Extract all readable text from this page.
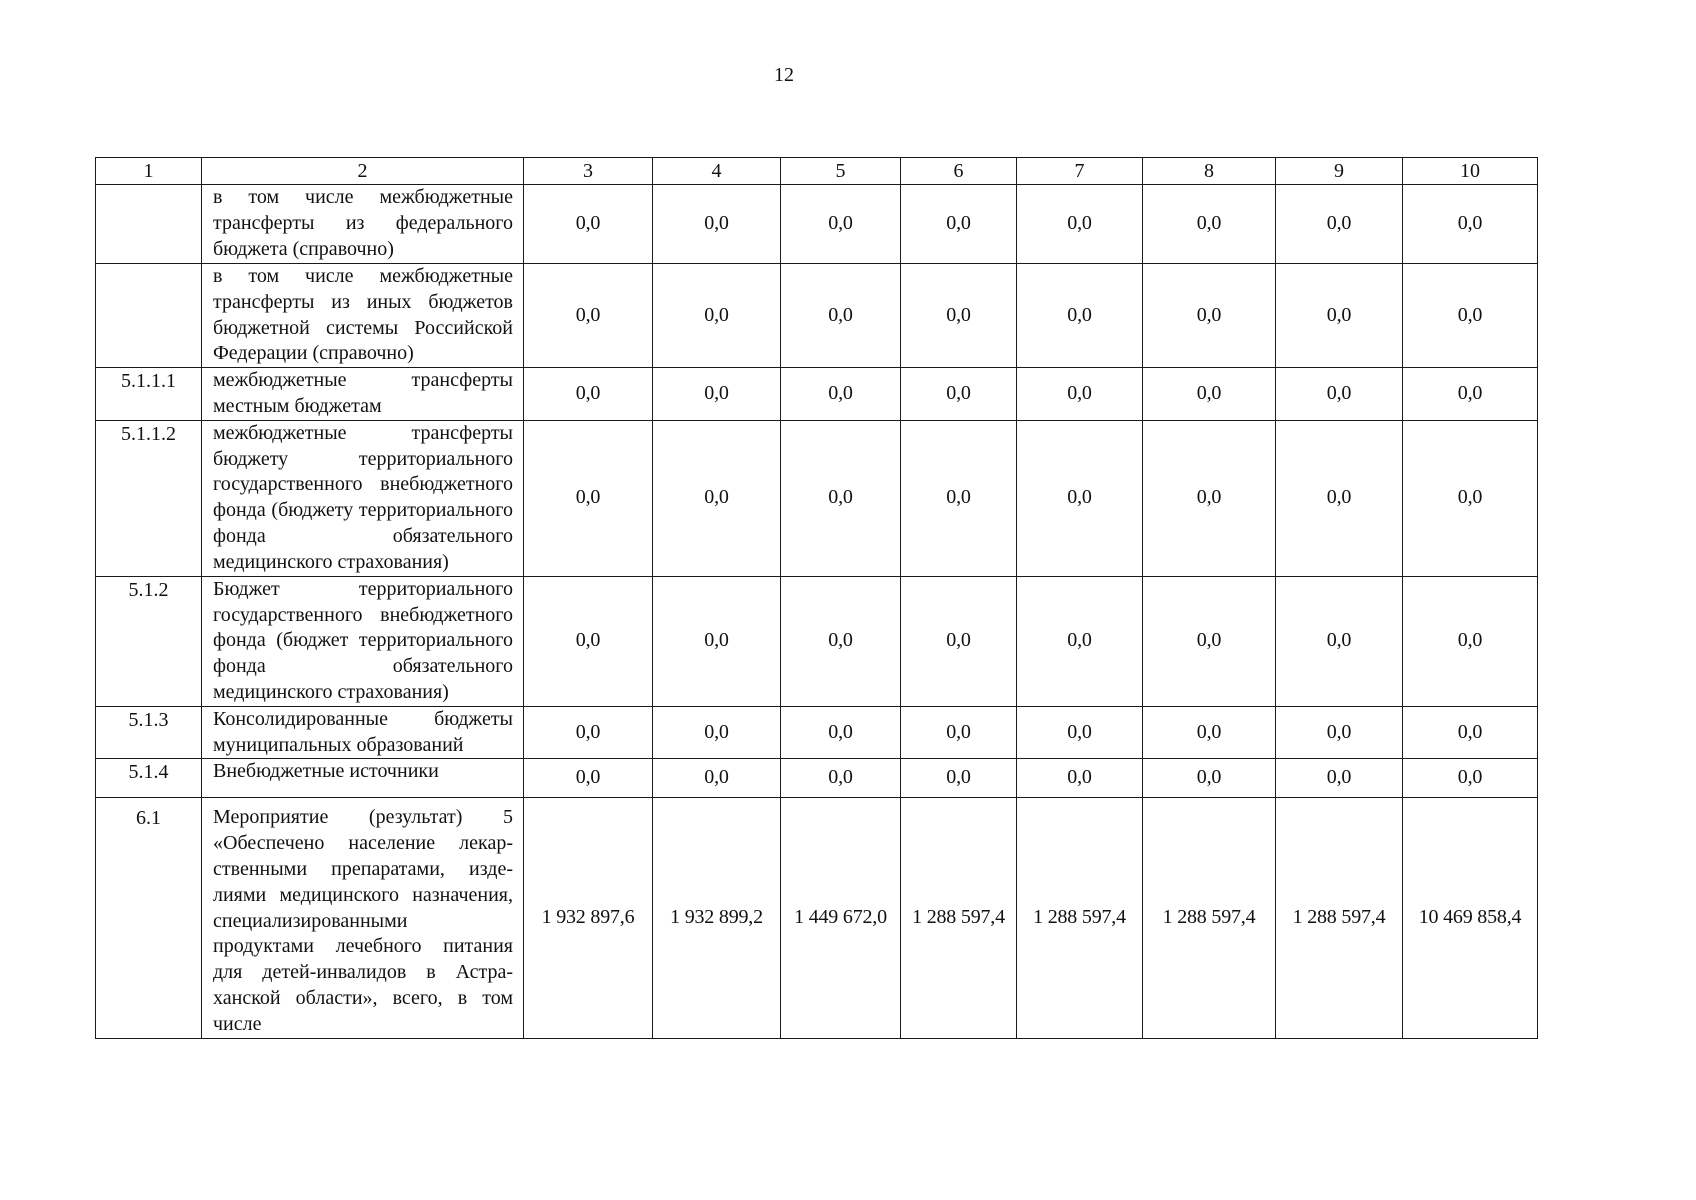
12
1	2	3	4	5	6	7	8	9	10
	в том числе межбюджетные трансферты из федерального бюджета (справочно)	0,0	0,0	0,0	0,0	0,0	0,0	0,0	0,0
	в том числе межбюджетные трансферты из иных бюджетов бюджетной системы Российской Федерации (справочно)	0,0	0,0	0,0	0,0	0,0	0,0	0,0	0,0
5.1.1.1	межбюджетные трансферты местным бюджетам	0,0	0,0	0,0	0,0	0,0	0,0	0,0	0,0
5.1.1.2	межбюджетные трансферты бюджету территориального государственного внебюджетного фонда (бюджету территориального фонда обязательного медицинского страхования)	0,0	0,0	0,0	0,0	0,0	0,0	0,0	0,0
5.1.2	Бюджет территориального государственного внебюджетного фонда (бюджет территориального фонда обязательного медицинского страхования)	0,0	0,0	0,0	0,0	0,0	0,0	0,0	0,0
5.1.3	Консолидированные бюджеты муниципальных образований	0,0	0,0	0,0	0,0	0,0	0,0	0,0	0,0
5.1.4	Внебюджетные источники	0,0	0,0	0,0	0,0	0,0	0,0	0,0	0,0
6.1	Мероприятие (результат) 5 «Обеспечено население лекарственными препаратами, изделиями медицинского назначения, специализированными продуктами лечебного питания для детей-инвалидов в Астраханской области», всего, в том числе	1 932 897,6	1 932 899,2	1 449 672,0	1 288 597,4	1 288 597,4	1 288 597,4	1 288 597,4	10 469 858,4
